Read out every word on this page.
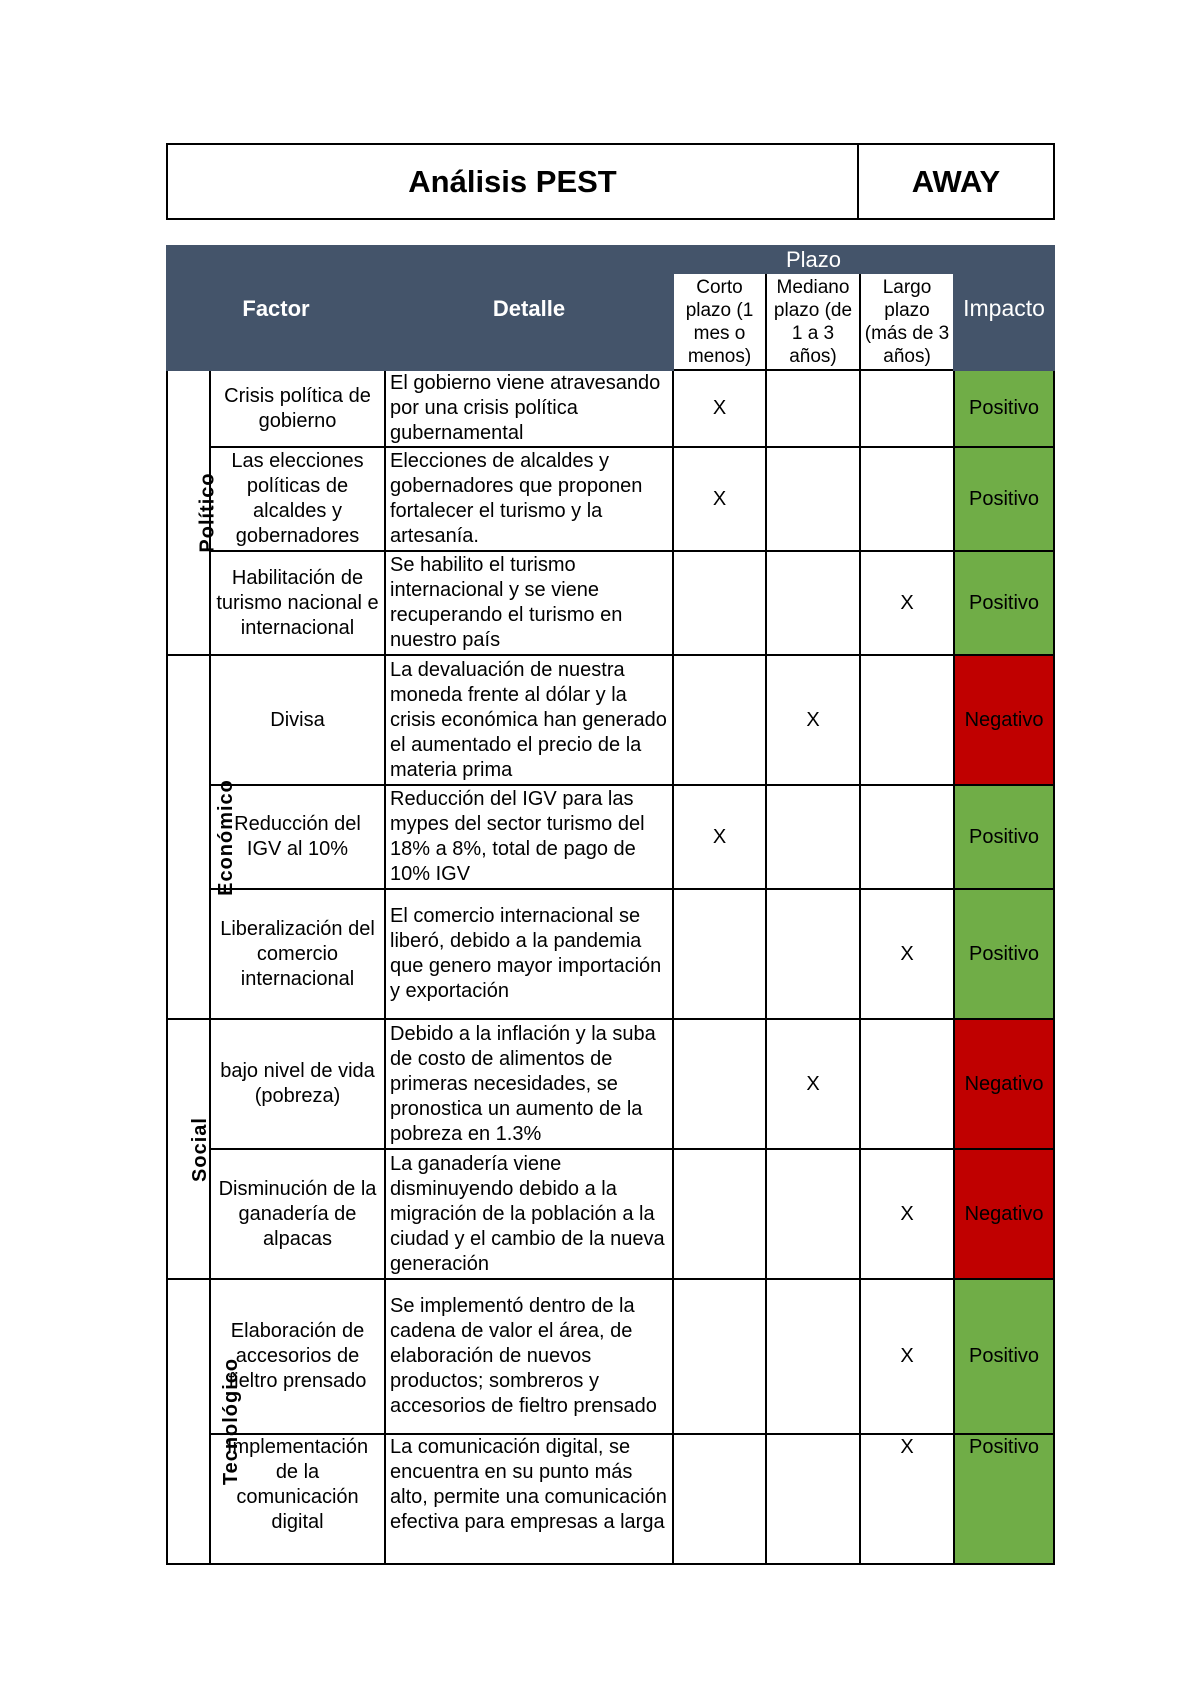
Análisis PEST	AWAY
Factor		Detalle	Plazo			Impacto
			Corto plazo (1 mes o menos)	Mediano plazo (de 1 a 3 años)	Largo plazo (más de 3 años)	
Político	Crisis política de gobierno	El gobierno viene atravesando por una crisis política gubernamental	X			Positivo
	Las elecciones políticas de alcaldes y gobernadores	Elecciones de alcaldes y gobernadores que proponen fortalecer el turismo y la artesanía.	X			Positivo
	Habilitación de turismo nacional e internacional	Se habilito el turismo internacional y se viene recuperando el turismo en nuestro país			X	Positivo
Económico	Divisa	La devaluación de nuestra moneda frente al dólar y la crisis económica han generado el aumentado el precio de la materia prima		X		Negativo
	Reducción del IGV al 10%	Reducción del IGV para las mypes del sector turismo del 18% a 8%, total de pago de 10% IGV	X			Positivo
	Liberalización del comercio internacional	El comercio internacional se liberó, debido a la pandemia que genero mayor importación y exportación			X	Positivo
Social	bajo nivel de vida (pobreza)	Debido a la inflación y la suba de costo de alimentos de primeras necesidades, se pronostica un aumento de la pobreza en 1.3%		X		Negativo
	Disminución de la ganadería de alpacas	La ganadería viene disminuyendo debido a la migración de la población a la ciudad y el cambio de la nueva generación			X	Negativo
Tecnológico	Elaboración de accesorios de fieltro prensado	Se implementó dentro de la cadena de valor el área, de elaboración de nuevos productos; sombreros y accesorios de fieltro prensado			X	Positivo
	Implementación de la comunicación digital	La comunicación digital, se encuentra en su punto más alto, permite una comunicación efectiva para empresas a larga			X	Positivo
